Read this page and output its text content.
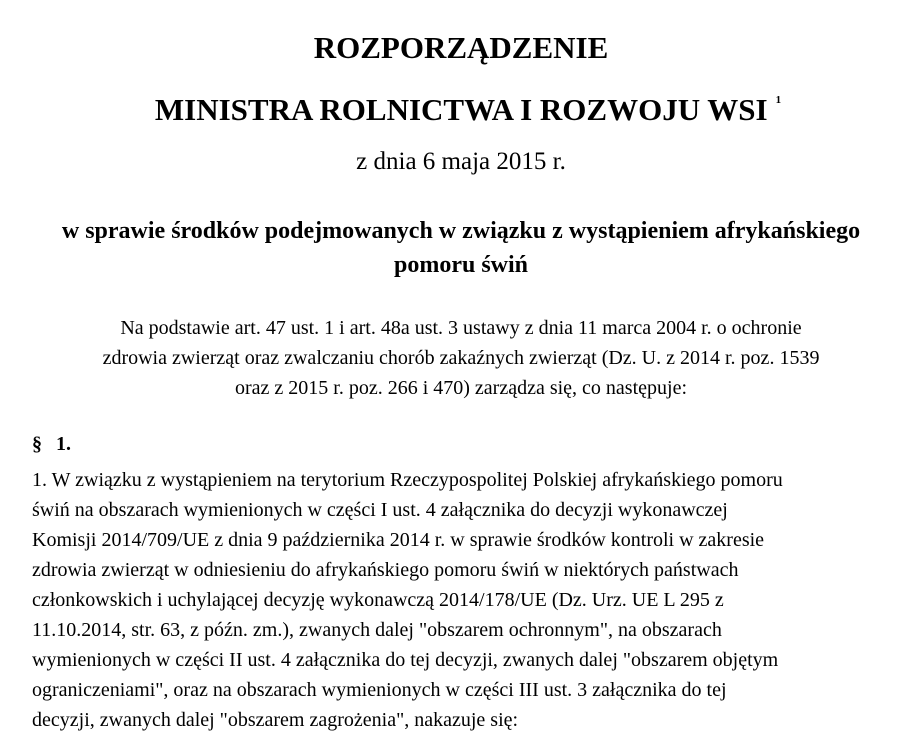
ROZPORZĄDZENIE
MINISTRA ROLNICTWA I ROZWOJU WSI $^1$
z dnia 6 maja 2015 r.
w sprawie środków podejmowanych w związku z wystąpieniem afrykańskiego pomoru świń
Na podstawie art. 47 ust. 1 i art. 48a ust. 3 ustawy z dnia 11 marca 2004 r. o ochronie
zdrowia zwierząt oraz zwalczaniu chorób zakaźnych zwierząt (Dz. U. z 2014 r. poz. 1539
oraz z 2015 r. poz. 266 i 470) zarządza się, co następuje:
§ 1.
1. W związku z wystąpieniem na terytorium Rzeczypospolitej Polskiej afrykańskiego pomoru
świń na obszarach wymienionych w części I ust. 4 załącznika do decyzji wykonawczej
Komisji 2014/709/UE z dnia 9 października 2014 r. w sprawie środków kontroli w zakresie
zdrowia zwierząt w odniesieniu do afrykańskiego pomoru świń w niektórych państwach
członkowskich i uchylającej decyzję wykonawczą 2014/178/UE (Dz. Urz. UE L 295 z
11.10.2014, str. 63, z późn. zm.), zwanych dalej "obszarem ochronnym", na obszarach
wymienionych w części II ust. 4 załącznika do tej decyzji, zwanych dalej "obszarem objętym
ograniczeniami", oraz na obszarach wymienionych w części III ust. 3 załącznika do tej
decyzji, zwanych dalej "obszarem zagrożenia", nakazuje się:
